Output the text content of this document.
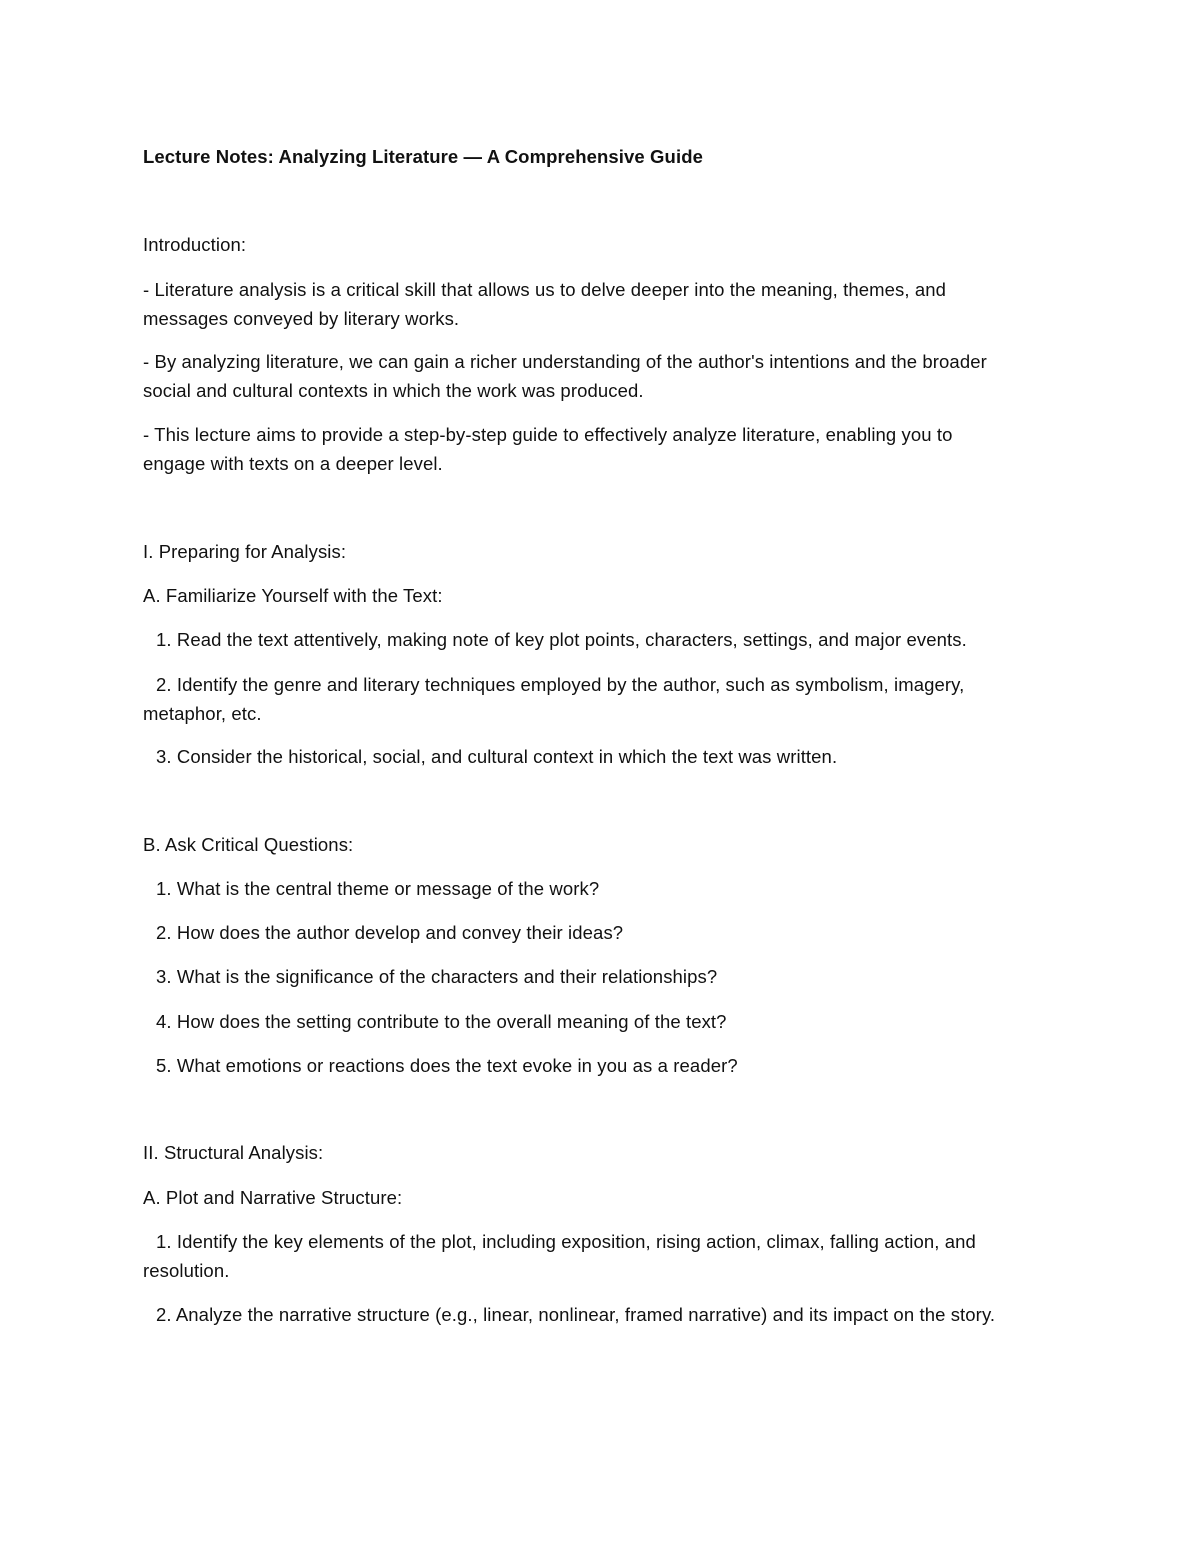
Lecture Notes: Analyzing Literature — A Comprehensive Guide
Introduction:
- Literature analysis is a critical skill that allows us to delve deeper into the meaning, themes, and
messages conveyed by literary works.
- By analyzing literature, we can gain a richer understanding of the author's intentions and the broader
social and cultural contexts in which the work was produced.
- This lecture aims to provide a step-by-step guide to effectively analyze literature, enabling you to
engage with texts on a deeper level.
I. Preparing for Analysis:
A. Familiarize Yourself with the Text:
1. Read the text attentively, making note of key plot points, characters, settings, and major events.
2. Identify the genre and literary techniques employed by the author, such as symbolism, imagery,
metaphor, etc.
3. Consider the historical, social, and cultural context in which the text was written.
B. Ask Critical Questions:
1. What is the central theme or message of the work?
2. How does the author develop and convey their ideas?
3. What is the significance of the characters and their relationships?
4. How does the setting contribute to the overall meaning of the text?
5. What emotions or reactions does the text evoke in you as a reader?
II. Structural Analysis:
A. Plot and Narrative Structure:
1. Identify the key elements of the plot, including exposition, rising action, climax, falling action, and
resolution.
2. Analyze the narrative structure (e.g., linear, nonlinear, framed narrative) and its impact on the story.
